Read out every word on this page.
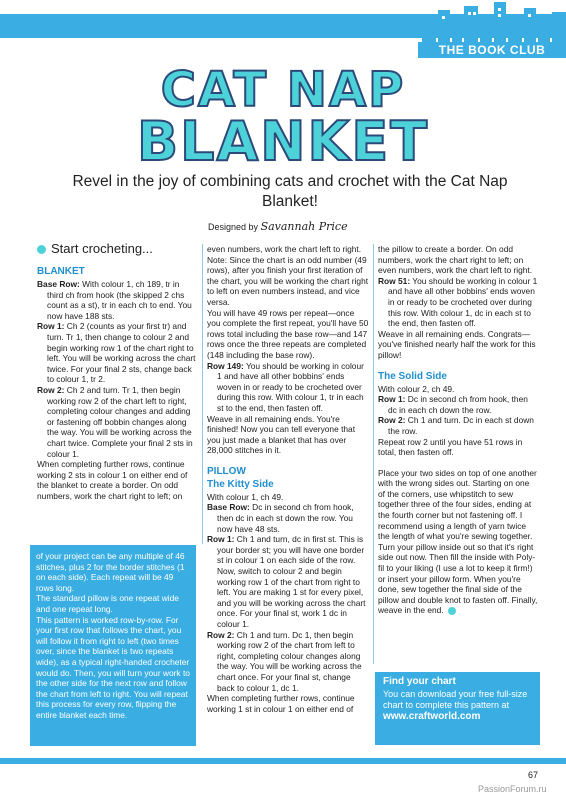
THE BOOK CLUB
CAT NAP
BLANKET
Revel in the joy of combining cats and crochet with the Cat Nap Blanket!
Designed by Savannah Price
Start crocheting...
BLANKET

Base Row: With colour 1, ch 189, tr in third ch from hook (the skipped 2 chs count as a st), tr in each ch to end. You now have 188 sts.

Row 1: Ch 2 (counts as your first tr) and turn. Tr 1, then change to colour 2 and begin working row 1 of the chart right to left. You will be working across the chart twice. For your final 2 sts, change back to colour 1, tr 2.

Row 2: Ch 2 and turn. Tr 1, then begin working row 2 of the chart left to right, completing colour changes and adding or fastening off bobbin changes along the way. You will be working across the chart twice. Complete your final 2 sts in colour 1.

When completing further rows, continue working 2 sts in colour 1 on either end of the blanket to create a border. On odd numbers, work the chart right to left; on

even numbers, work the chart left to right. Note: Since the chart is an odd number (49 rows), after you finish your first iteration of the chart, you will be working the chart right to left on even numbers instead, and vice versa.

You will have 49 rows per repeat—once you complete the first repeat, you'll have 50 rows total including the base row—and 147 rows once the three repeats are completed (148 including the base row).

Row 149: You should be working in colour 1 and have all other bobbins' ends woven in or ready to be crocheted over during this row. With colour 1, tr in each st to the end, then fasten off.

Weave in all remaining ends. You're finished! Now you can tell everyone that you just made a blanket that has over 28,000 stitches in it.

PILLOW
The Kitty Side

With colour 1, ch 49.

Base Row: Dc in second ch from hook, then dc in each st down the row. You now have 48 sts.

Row 1: Ch 1 and turn, dc in first st. This is your border st; you will have one border st in colour 1 on each side of the row. Now, switch to colour 2 and begin working row 1 of the chart from right to left. You are making 1 st for every pixel, and you will be working across the chart once. For your final st, work 1 dc in colour 1.

Row 2: Ch 1 and turn. Dc 1, then begin working row 2 of the chart from left to right, completing colour changes along the way. You will be working across the chart once. For your final st, change back to colour 1, dc 1.

When completing further rows, continue working 1 st in colour 1 on either end of

the pillow to create a border. On odd numbers, work the chart right to left; on even numbers, work the chart left to right.

Row 51: You should be working in colour 1 and have all other bobbins' ends woven in or ready to be crocheted over during this row. With colour 1, dc in each st to the end, then fasten off.

Weave in all remaining ends. Congrats—you've finished nearly half the work for this pillow!

The Solid Side

With colour 2, ch 49.

Row 1: Dc in second ch from hook, then dc in each ch down the row.

Row 2: Ch 1 and turn. Dc in each st down the row.

Repeat row 2 until you have 51 rows in total, then fasten off.

Place your two sides on top of one another with the wrong sides out. Starting on one of the corners, use whipstitch to sew together three of the four sides, ending at the fourth corner but not fastening off. I recommend using a length of yarn twice the length of what you're sewing together. Turn your pillow inside out so that it's right side out now. Then fill the inside with Poly-fil to your liking (I use a lot to keep it firm!) or insert your pillow form. When you're done, sew together the final side of the pillow and double knot to fasten off. Finally, weave in the end.

of your project can be any multiple of 46 stitches, plus 2 for the border stitches (1 on each side). Each repeat will be 49 rows long.

The standard pillow is one repeat wide and one repeat long.

This pattern is worked row-by-row. For your first row that follows the chart, you will follow it from right to left (two times over, since the blanket is two repeats wide), as a typical right-handed crocheter would do. Then, you will turn your work to the other side for the next row and follow the chart from left to right. You will repeat this process for every row, flipping the entire blanket each time.

Find your chart
You can download your free full-size chart to complete this pattern at www.craftworld.com
67
PassionForum.ru
